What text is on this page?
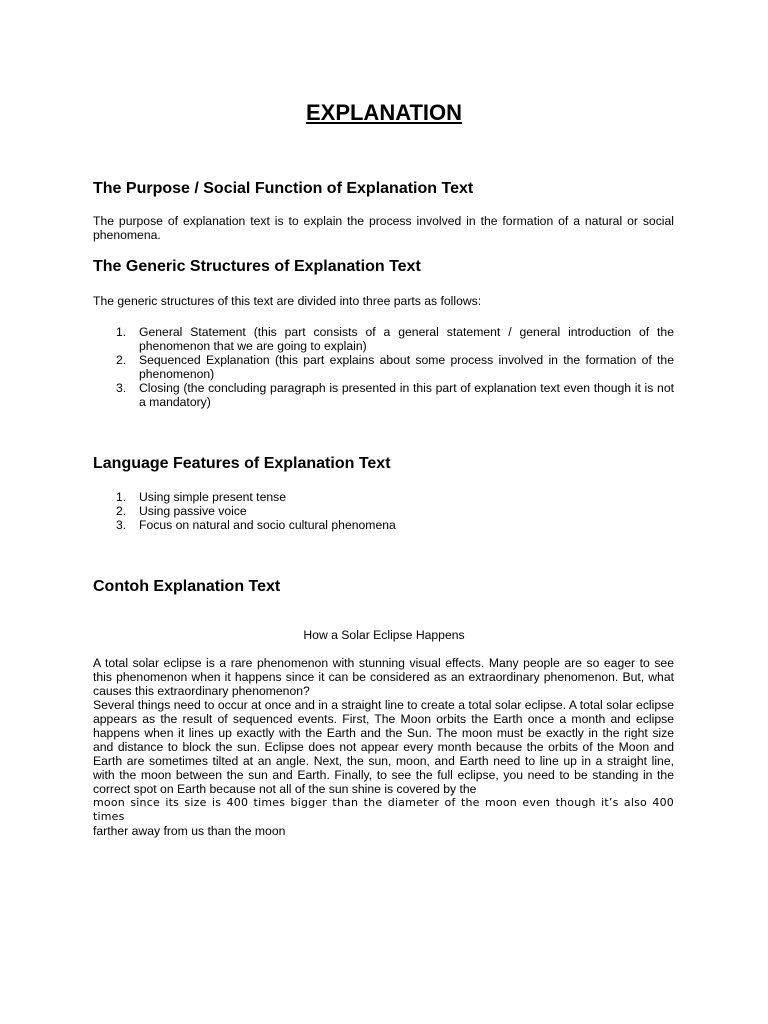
EXPLANATION
The Purpose / Social Function of Explanation Text

The purpose of explanation text is to explain the process involved in the formation of a natural or social phenomena.

The Generic Structures of Explanation Text

The generic structures of this text are divided into three parts as follows:

1. General Statement (this part consists of a general statement / general introduction of the phenomenon that we are going to explain)
2. Sequenced Explanation (this part explains about some process involved in the formation of the phenomenon)
3. Closing (the concluding paragraph is presented in this part of explanation text even though it is not a mandatory)
Language Features of Explanation Text
1. Using simple present tense
2. Using passive voice
3. Focus on natural and socio cultural phenomena
Contoh Explanation Text

How a Solar Eclipse Happens

A total solar eclipse is a rare phenomenon with stunning visual effects. Many people are so eager to see this phenomenon when it happens since it can be considered as an extraordinary phenomenon. But, what causes this extraordinary phenomenon?

Several things need to occur at once and in a straight line to create a total solar eclipse. A total solar eclipse appears as the result of sequenced events. First, The Moon orbits the Earth once a month and eclipse happens when it lines up exactly with the Earth and the Sun. The moon must be exactly in the right size and distance to block the sun. Eclipse does not appear every month because the orbits of the Moon and Earth are sometimes tilted at an angle. Next, the sun, moon, and Earth need to line up in a straight line, with the moon between the sun and Earth. Finally, to see the full eclipse, you need to be standing in the correct spot on Earth because not all of the sun shine is covered by the
moon since its size is 400 times bigger than the diameter of the moon even though it’s also 400 times
farther away from us than the moon
